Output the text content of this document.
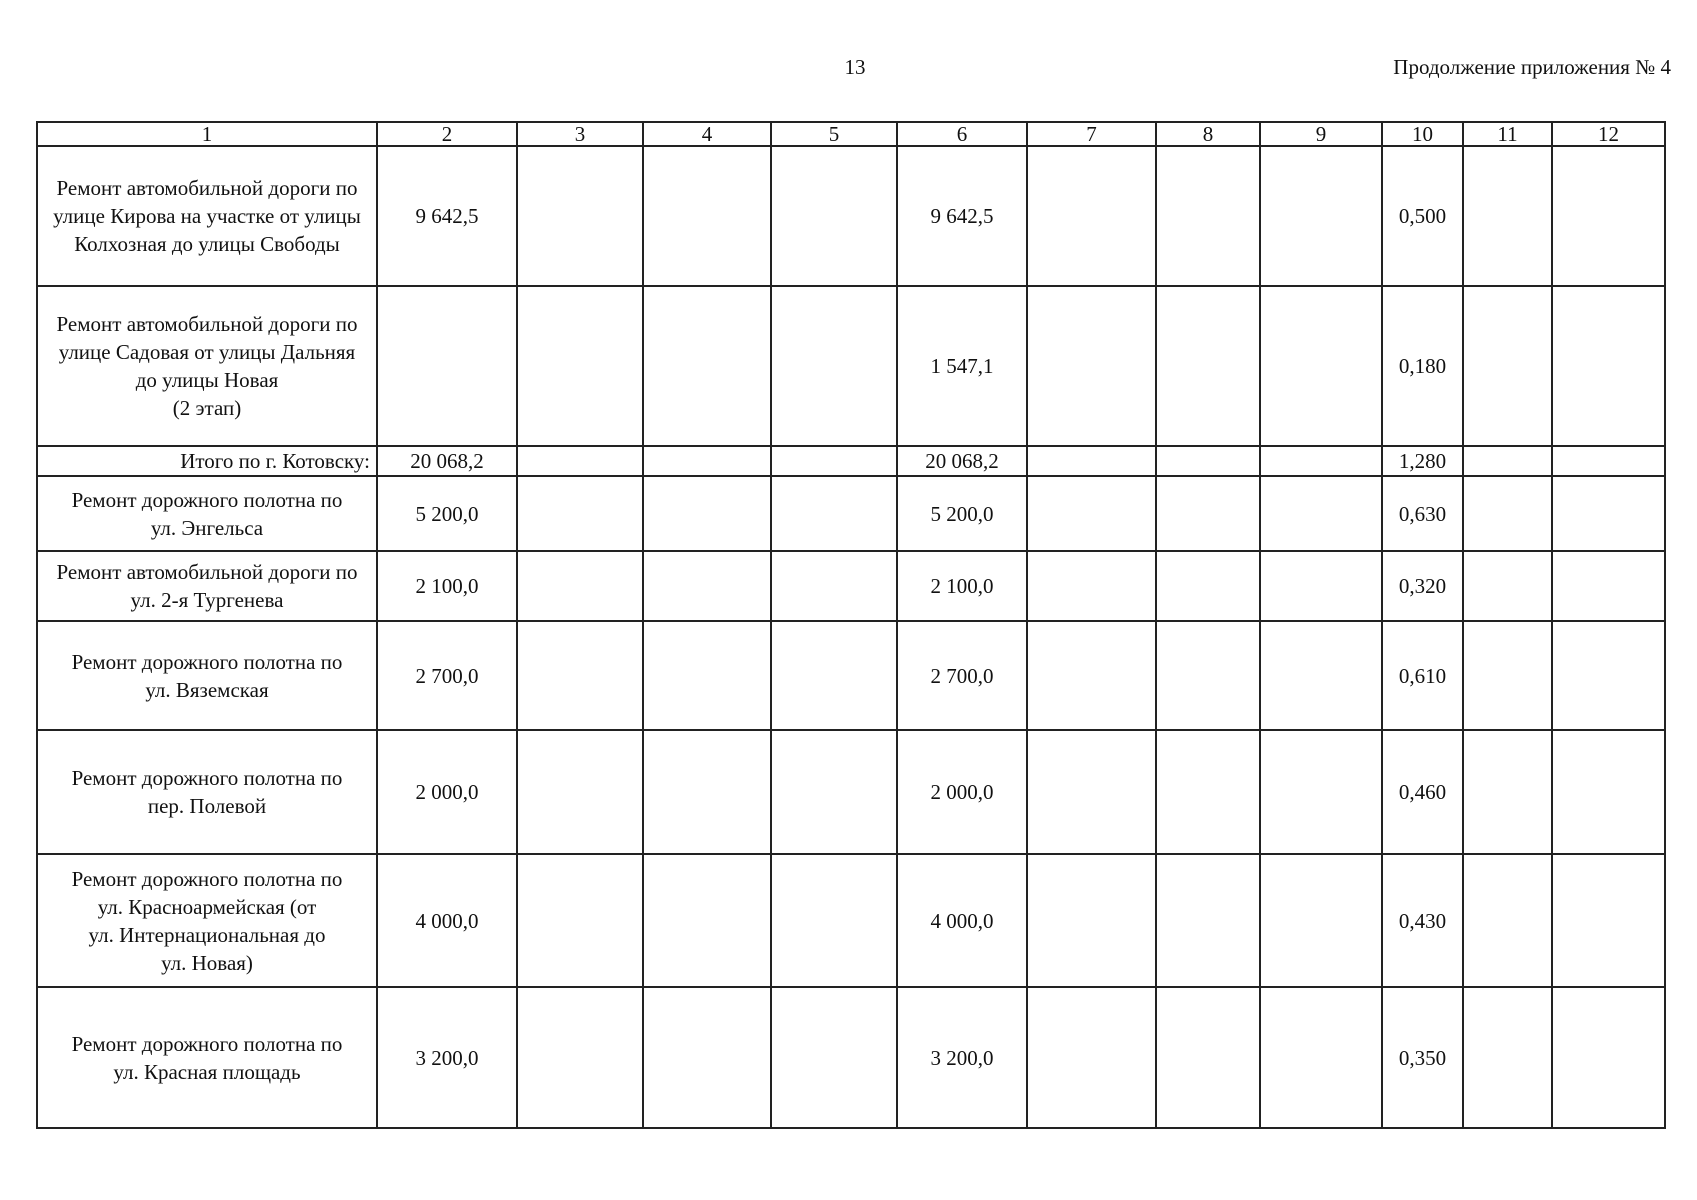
13	Продолжение приложения № 4
1	2	3	4	5	6	7	8	9	10	11	12

Ремонт автомобильной дороги по
улице Кирова на участке от улицы
Колхозная до улицы Свободы	9 642,5				9 642,5				0,500		

Ремонт автомобильной дороги по
улице Садовая от улицы Дальняя
до улицы Новая
(2 этап)					1 547,1				0,180		

Итого по г. Котовску:	20 068,2				20 068,2				1,280		

Ремонт дорожного полотна по
ул. Энгельса	5 200,0				5 200,0				0,630		

Ремонт автомобильной дороги по
ул. 2-я Тургенева	2 100,0				2 100,0				0,320		

Ремонт дорожного полотна по
ул. Вяземская	2 700,0				2 700,0				0,610		

Ремонт дорожного полотна по
пер. Полевой	2 000,0				2 000,0				0,460		

Ремонт дорожного полотна по
ул. Красноармейская (от
ул. Интернациональная до
ул. Новая)	4 000,0				4 000,0				0,430		

Ремонт дорожного полотна по
ул. Красная площадь	3 200,0				3 200,0				0,350		
